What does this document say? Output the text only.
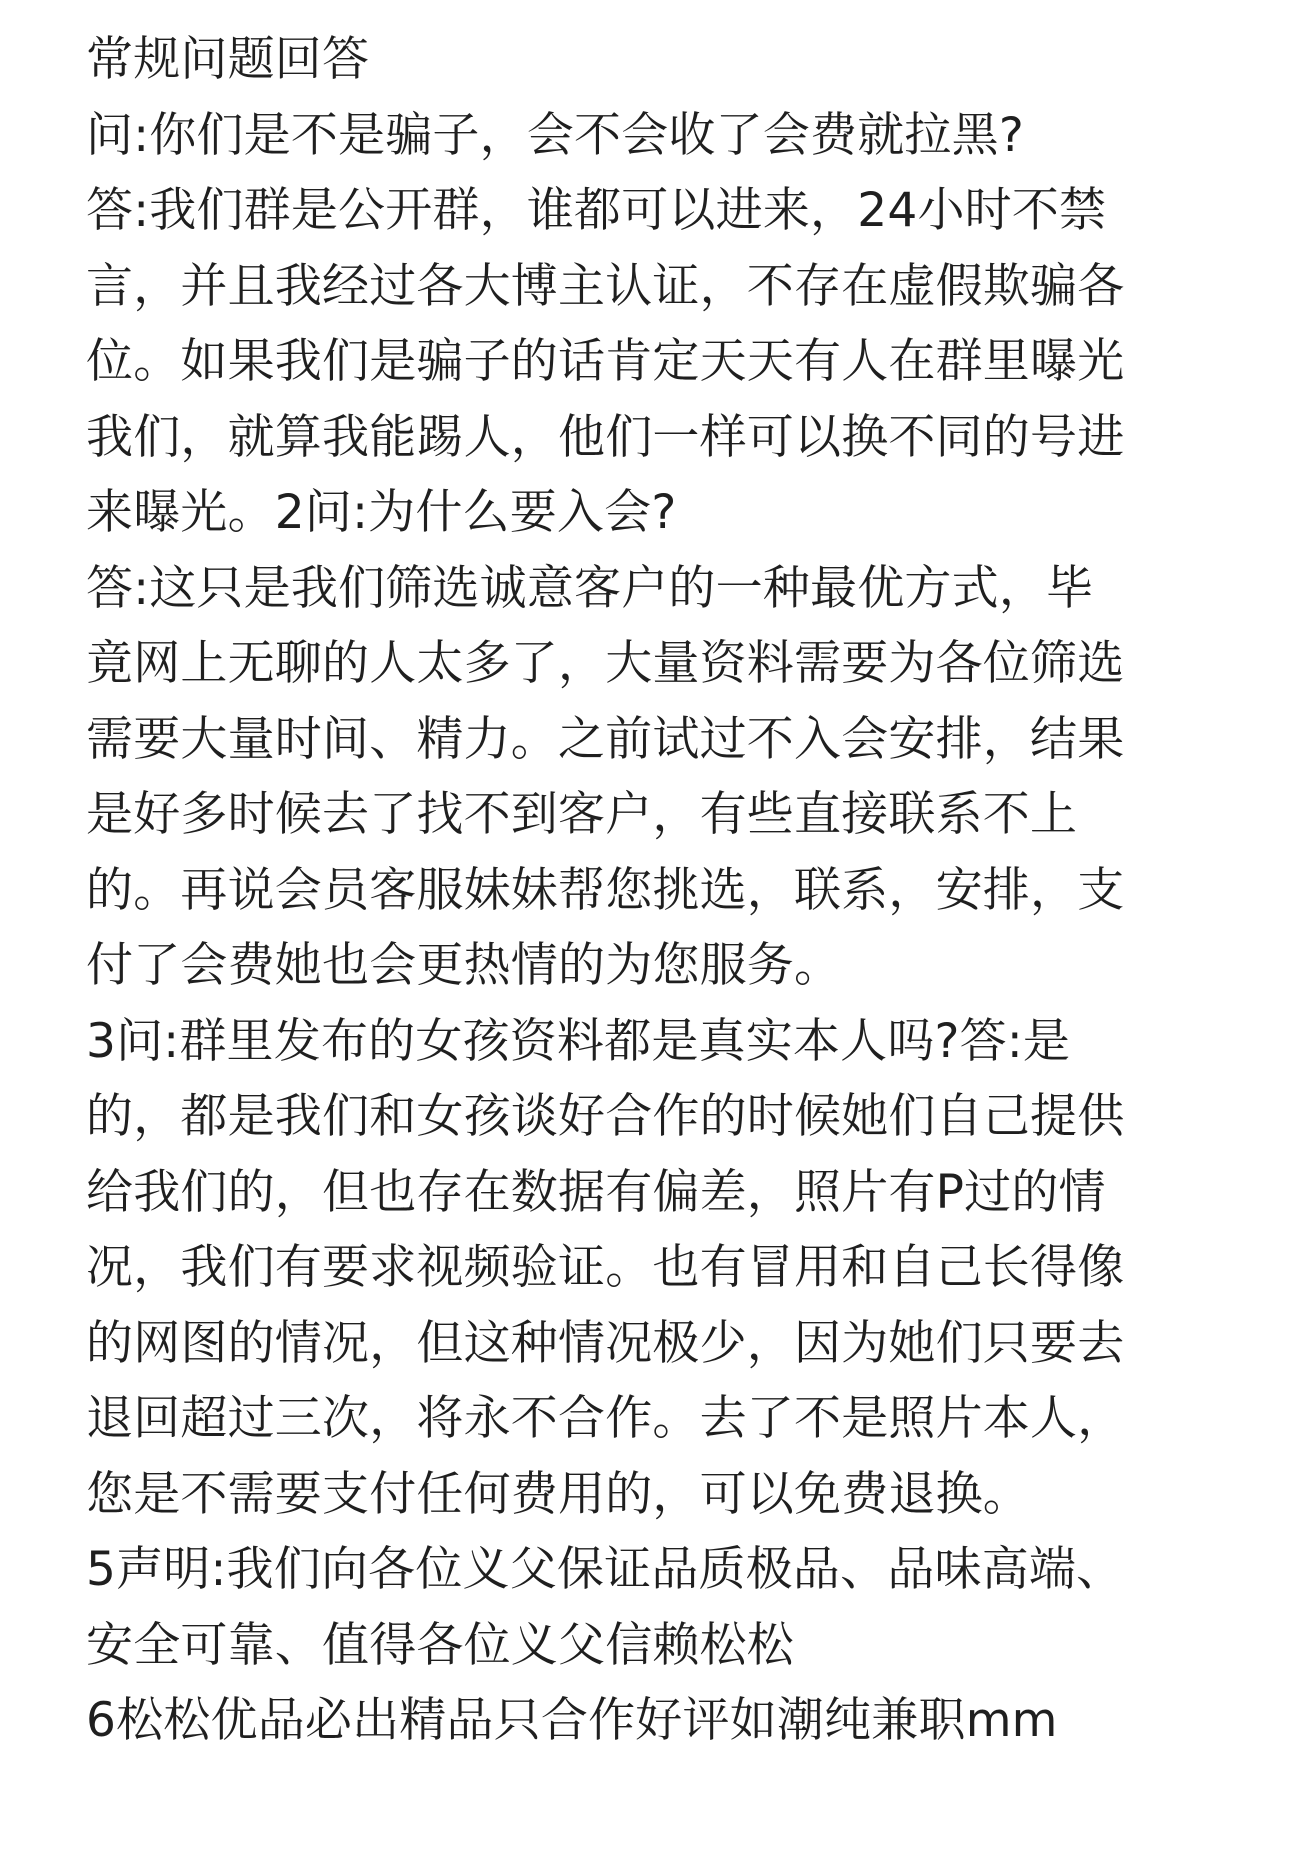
常规问题回答

问:你们是不是骗子，会不会收了会费就拉黑?

答:我们群是公开群，谁都可以进来，24小时不禁

言，并且我经过各大博主认证，不存在虚假欺骗各

位。如果我们是骗子的话肯定天天有人在群里曝光

我们，就算我能踢人，他们一样可以换不同的号进

来曝光。2问:为什么要入会?

答:这只是我们筛选诚意客户的一种最优方式，毕

竟网上无聊的人太多了，大量资料需要为各位筛选

需要大量时间、精力。之前试过不入会安排，结果

是好多时候去了找不到客户，有些直接联系不上

的。再说会员客服妹妹帮您挑选，联系，安排，支

付了会费她也会更热情的为您服务。

3问:群里发布的女孩资料都是真实本人吗?答:是

的，都是我们和女孩谈好合作的时候她们自己提供

给我们的，但也存在数据有偏差，照片有P过的情

况，我们有要求视频验证。也有冒用和自己长得像

的网图的情况，但这种情况极少，因为她们只要去

退回超过三次，将永不合作。去了不是照片本人，

您是不需要支付任何费用的，可以免费退换。

5声明:我们向各位义父保证品质极品、品味高端、

安全可靠、值得各位义父信赖松松

6松松优品必出精品只合作好评如潮纯兼职mm
